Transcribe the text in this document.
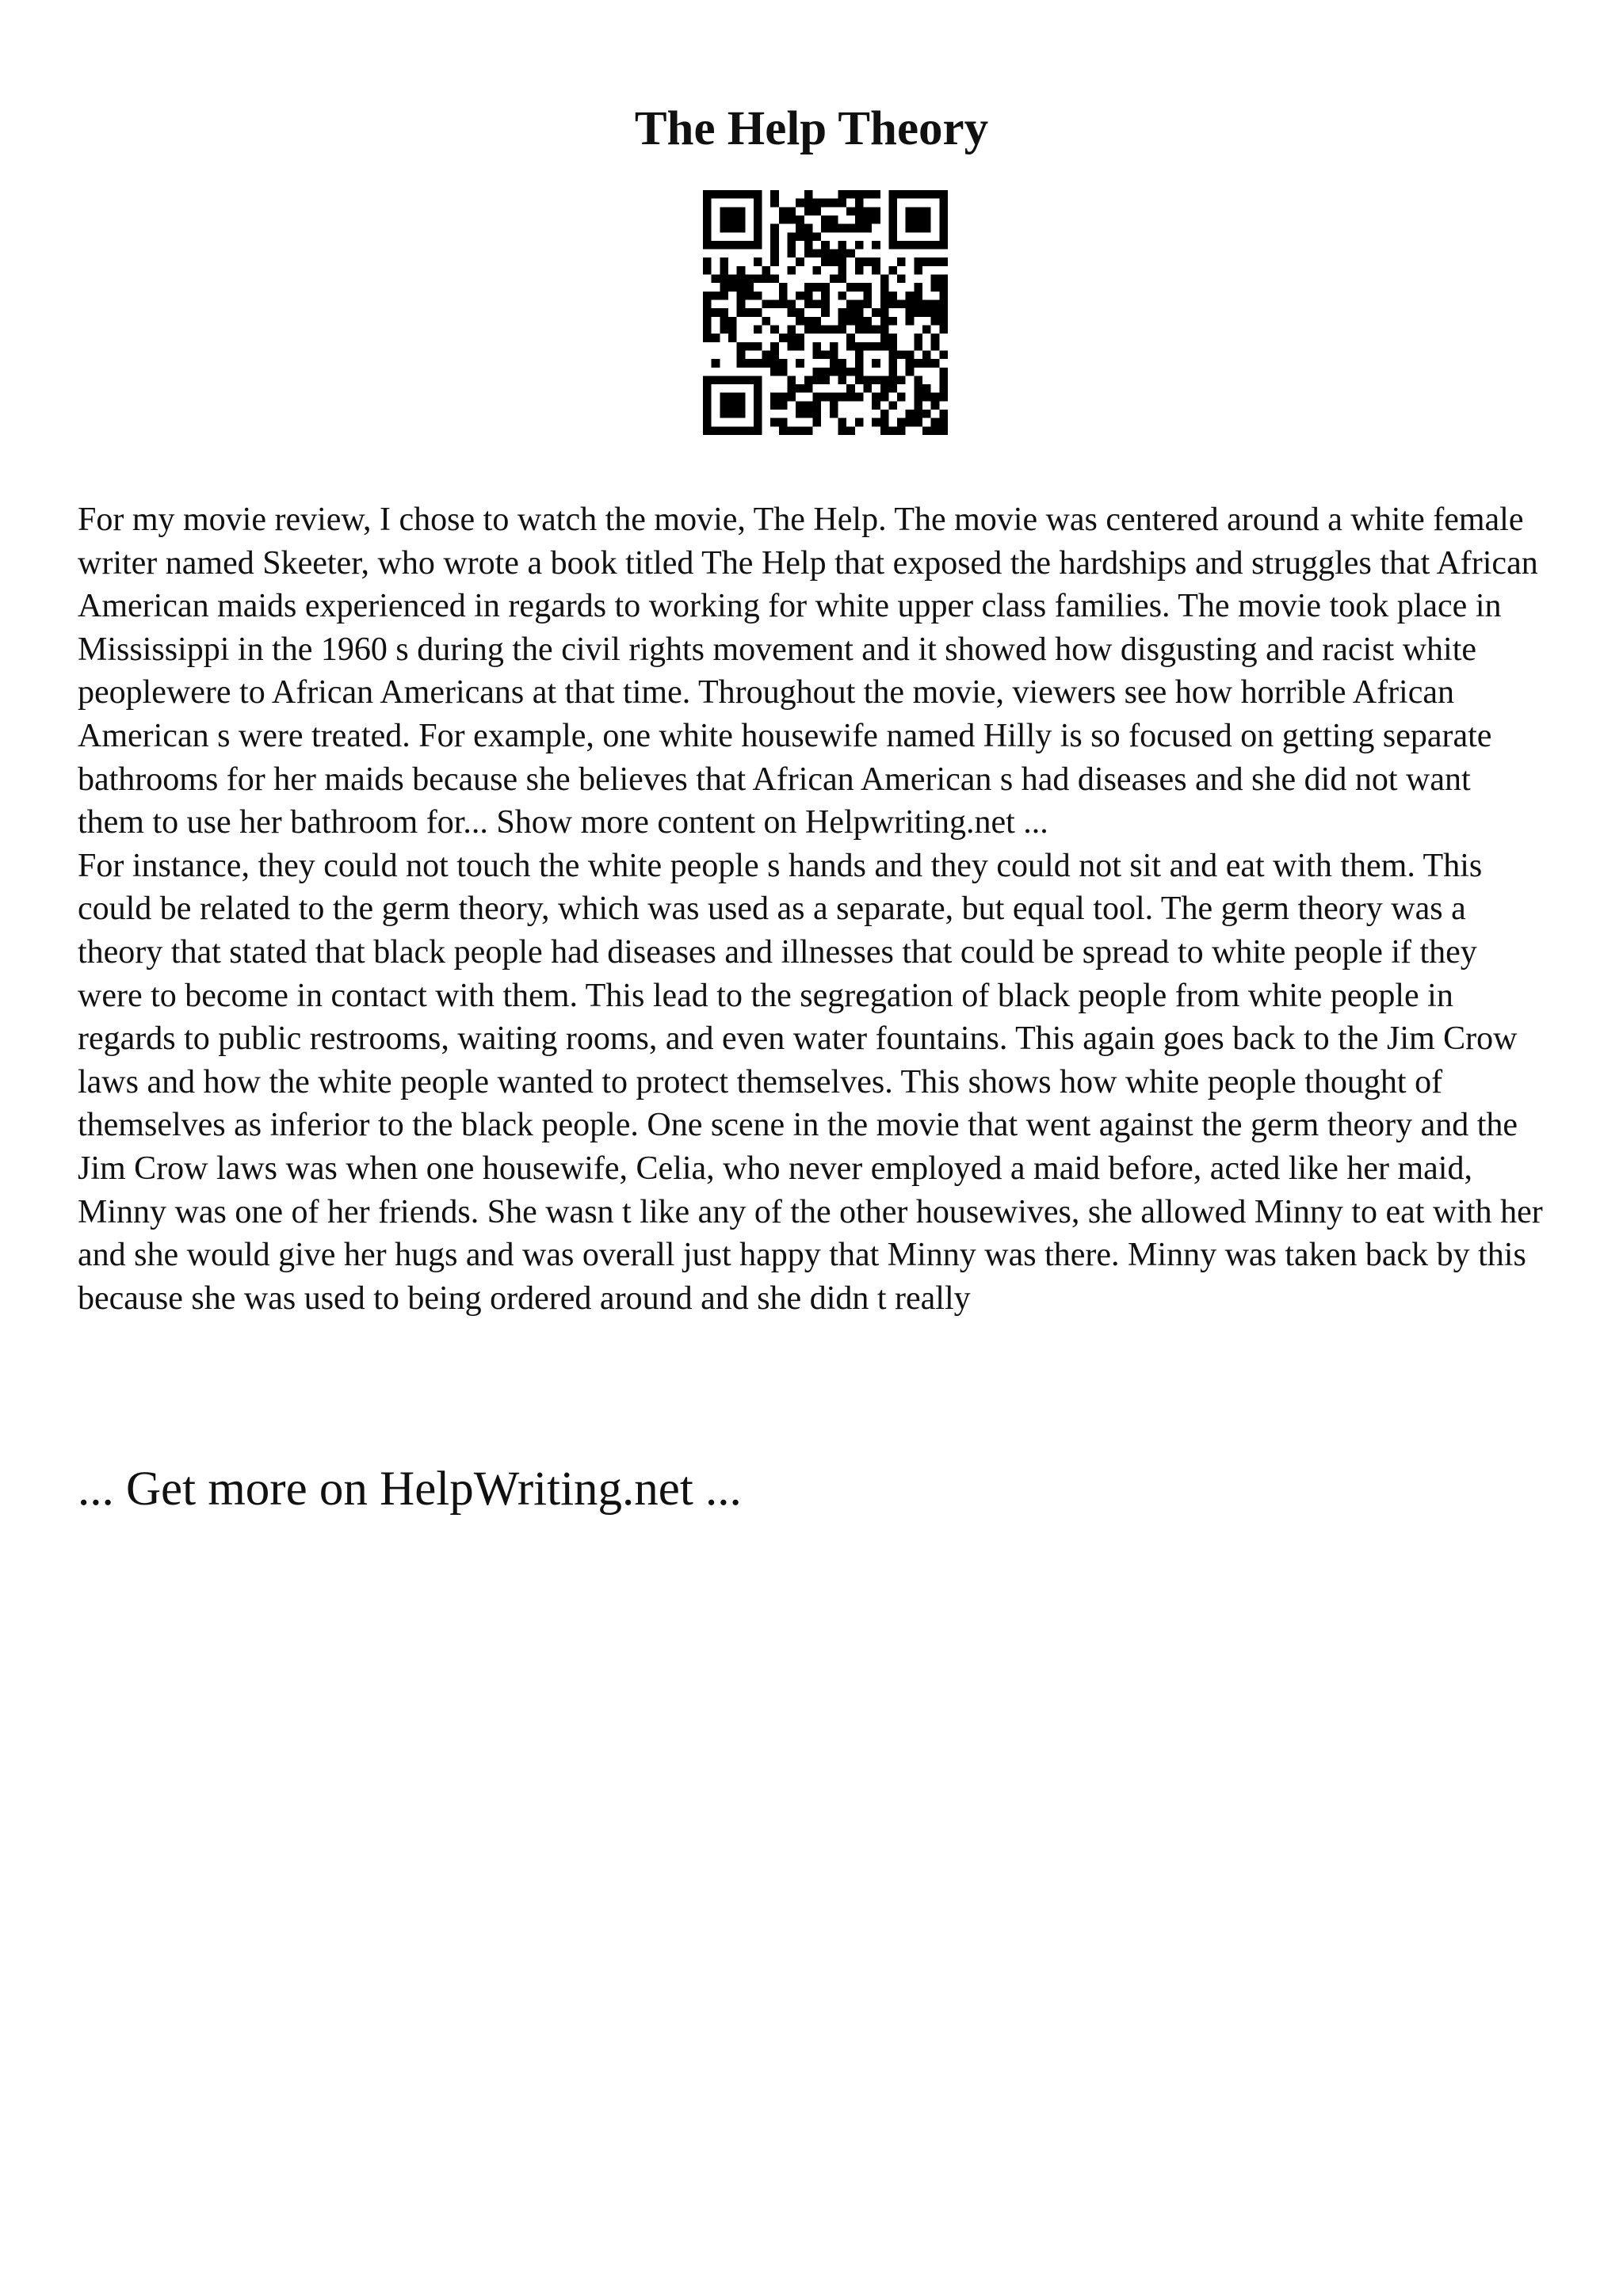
The Help Theory

For my movie review, I chose to watch the movie, The Help. The movie was centered around a white female writer named Skeeter, who wrote a book titled The Help that exposed the hardships and struggles that African American maids experienced in regards to working for white upper class families. The movie took place in Mississippi in the 1960 s during the civil rights movement and it showed how disgusting and racist white peoplewere to African Americans at that time. Throughout the movie, viewers see how horrible African American s were treated. For example, one white housewife named Hilly is so focused on getting separate bathrooms for her maids because she believes that African American s had diseases and she did not want them to use her bathroom for... Show more content on Helpwriting.net ...

For instance, they could not touch the white people s hands and they could not sit and eat with them. This could be related to the germ theory, which was used as a separate, but equal tool. The germ theory was a theory that stated that black people had diseases and illnesses that could be spread to white people if they were to become in contact with them. This lead to the segregation of black people from white people in regards to public restrooms, waiting rooms, and even water fountains. This again goes back to the Jim Crow laws and how the white people wanted to protect themselves. This shows how white people thought of themselves as inferior to the black people. One scene in the movie that went against the germ theory and the Jim Crow laws was when one housewife, Celia, who never employed a maid before, acted like her maid, Minny was one of her friends. She wasn t like any of the other housewives, she allowed Minny to eat with her and she would give her hugs and was overall just happy that Minny was there. Minny was taken back by this because she was used to being ordered around and she didn t really

... Get more on HelpWriting.net ...
